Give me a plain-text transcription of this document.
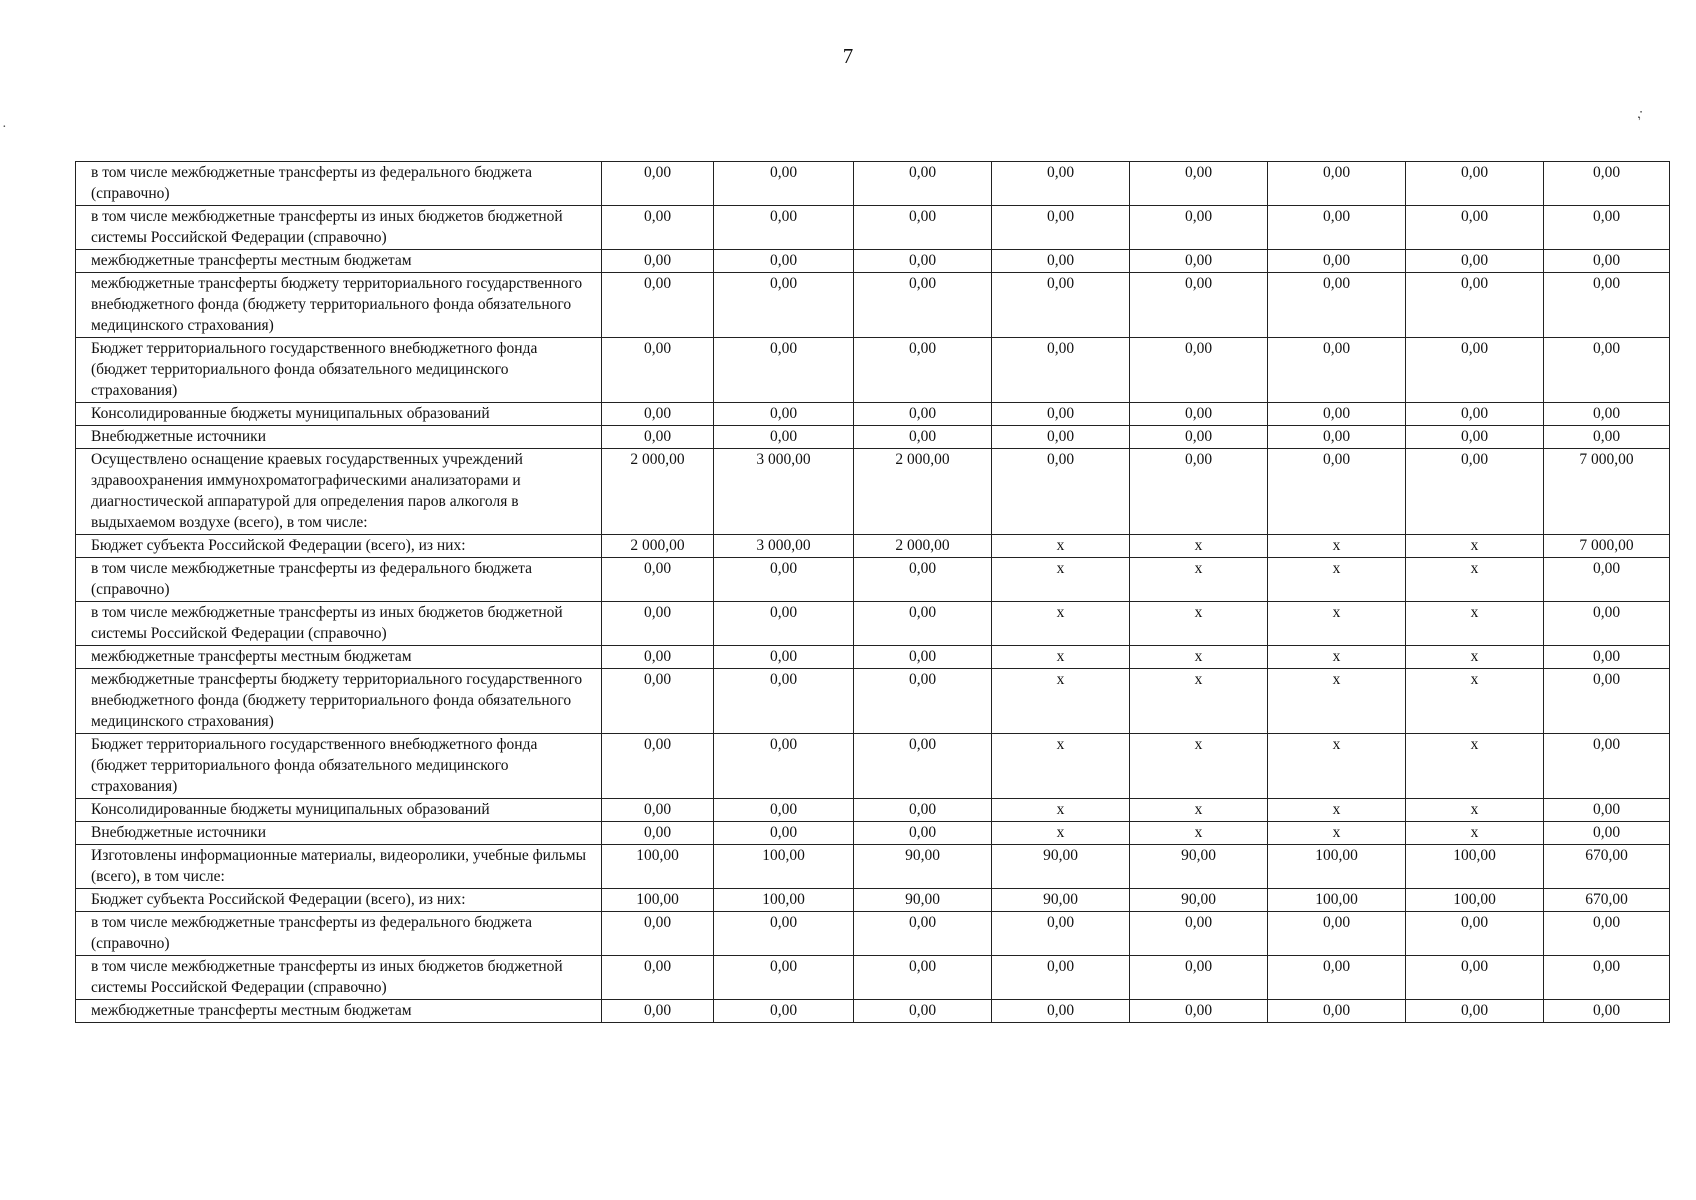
7
·
,·
в том числе межбюджетные трансферты из федерального бюджета (справочно)	0,00	0,00	0,00	0,00	0,00	0,00	0,00	0,00
в том числе межбюджетные трансферты из иных бюджетов бюджетной системы Российской Федерации (справочно)	0,00	0,00	0,00	0,00	0,00	0,00	0,00	0,00
межбюджетные трансферты местным бюджетам	0,00	0,00	0,00	0,00	0,00	0,00	0,00	0,00
межбюджетные трансферты бюджету территориального государственного внебюджетного фонда (бюджету территориального фонда обязательного медицинского страхования)	0,00	0,00	0,00	0,00	0,00	0,00	0,00	0,00
Бюджет территориального государственного внебюджетного фонда (бюджет территориального фонда обязательного медицинского страхования)	0,00	0,00	0,00	0,00	0,00	0,00	0,00	0,00
Консолидированные бюджеты муниципальных образований	0,00	0,00	0,00	0,00	0,00	0,00	0,00	0,00
Внебюджетные источники	0,00	0,00	0,00	0,00	0,00	0,00	0,00	0,00
Осуществлено оснащение краевых государственных учреждений здравоохранения иммунохроматографическими анализаторами и диагностической аппаратурой для определения паров алкоголя в выдыхаемом воздухе (всего), в том числе:	2 000,00	3 000,00	2 000,00	0,00	0,00	0,00	0,00	7 000,00
Бюджет субъекта Российской Федерации (всего), из них:	2 000,00	3 000,00	2 000,00	x	x	x	x	7 000,00
в том числе межбюджетные трансферты из федерального бюджета (справочно)	0,00	0,00	0,00	x	x	x	x	0,00
в том числе межбюджетные трансферты из иных бюджетов бюджетной системы Российской Федерации (справочно)	0,00	0,00	0,00	x	x	x	x	0,00
межбюджетные трансферты местным бюджетам	0,00	0,00	0,00	x	x	x	x	0,00
межбюджетные трансферты бюджету территориального государственного внебюджетного фонда (бюджету территориального фонда обязательного медицинского страхования)	0,00	0,00	0,00	x	x	x	x	0,00
Бюджет территориального государственного внебюджетного фонда (бюджет территориального фонда обязательного медицинского страхования)	0,00	0,00	0,00	x	x	x	x	0,00
Консолидированные бюджеты муниципальных образований	0,00	0,00	0,00	x	x	x	x	0,00
Внебюджетные источники	0,00	0,00	0,00	x	x	x	x	0,00
Изготовлены информационные материалы, видеоролики, учебные фильмы (всего), в том числе:	100,00	100,00	90,00	90,00	90,00	100,00	100,00	670,00
Бюджет субъекта Российской Федерации (всего), из них:	100,00	100,00	90,00	90,00	90,00	100,00	100,00	670,00
в том числе межбюджетные трансферты из федерального бюджета (справочно)	0,00	0,00	0,00	0,00	0,00	0,00	0,00	0,00
в том числе межбюджетные трансферты из иных бюджетов бюджетной системы Российской Федерации (справочно)	0,00	0,00	0,00	0,00	0,00	0,00	0,00	0,00
межбюджетные трансферты местным бюджетам	0,00	0,00	0,00	0,00	0,00	0,00	0,00	0,00
